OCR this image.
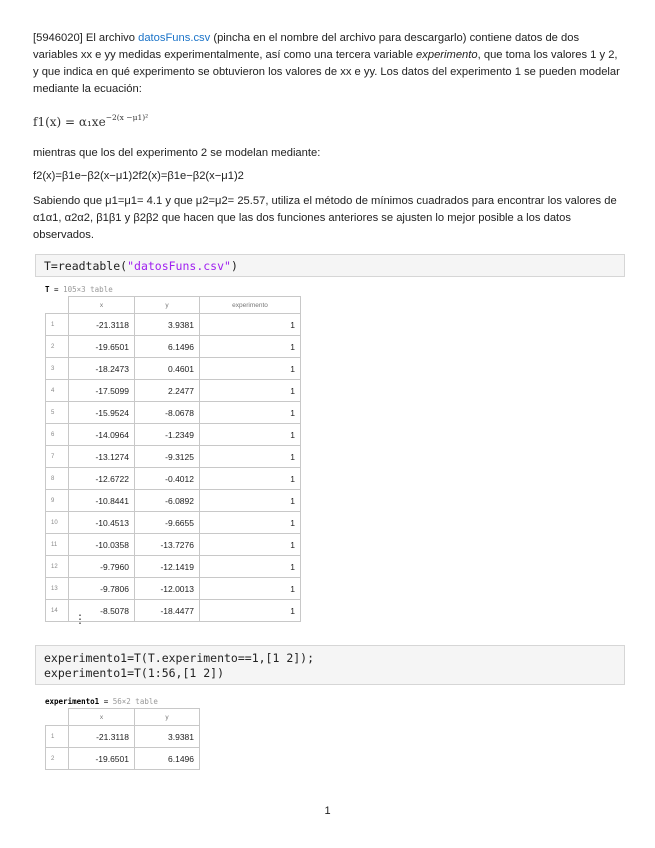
[5946020] El archivo datosFuns.csv (pincha en el nombre del archivo para descargarlo) contiene datos de dos variables xx e yy medidas experimentalmente, así como una tercera variable experimento, que toma los valores 1 y 2, y que indica en qué experimento se obtuvieron los valores de xx e yy. Los datos del experimento 1 se pueden modelar mediante la ecuación:
$f1(x) = \alpha_1xe^{-2(x -\mu 1)^2}$
mientras que los del experimento 2 se modelan mediante:
f2(x)=β1e−β2(x−μ1)2f2(x)=β1e−β2(x−μ1)2
Sabiendo que μ1=μ1= 4.1 y que μ2=μ2= 25.57, utiliza el método de mínimos cuadrados para encontrar los valores de α1α1, α2α2, β1β1 y β2β2 que hacen que las dos funciones anteriores se ajusten lo mejor posible a los datos observados.
T=readtable("datosFuns.csv")
T = 105×3 table
	x	y	experimento
1	-21.3118	3.9381	1
2	-19.6501	6.1496	1
3	-18.2473	0.4601	1
4	-17.5099	2.2477	1
5	-15.9524	-8.0678	1
6	-14.0964	-1.2349	1
7	-13.1274	-9.3125	1
8	-12.6722	-0.4012	1
9	-10.8441	-6.0892	1
10	-10.4513	-9.6655	1
11	-10.0358	-13.7276	1
12	-9.7960	-12.1419	1
13	-9.7806	-12.0013	1
14	-8.5078	-18.4477	1
⋮
experimento1=T(T.experimento==1,[1 2]);
experimento1=T(1:56,[1 2])
experimento1 = 56×2 table
	x	y
1	-21.3118	3.9381
2	-19.6501	6.1496
1
